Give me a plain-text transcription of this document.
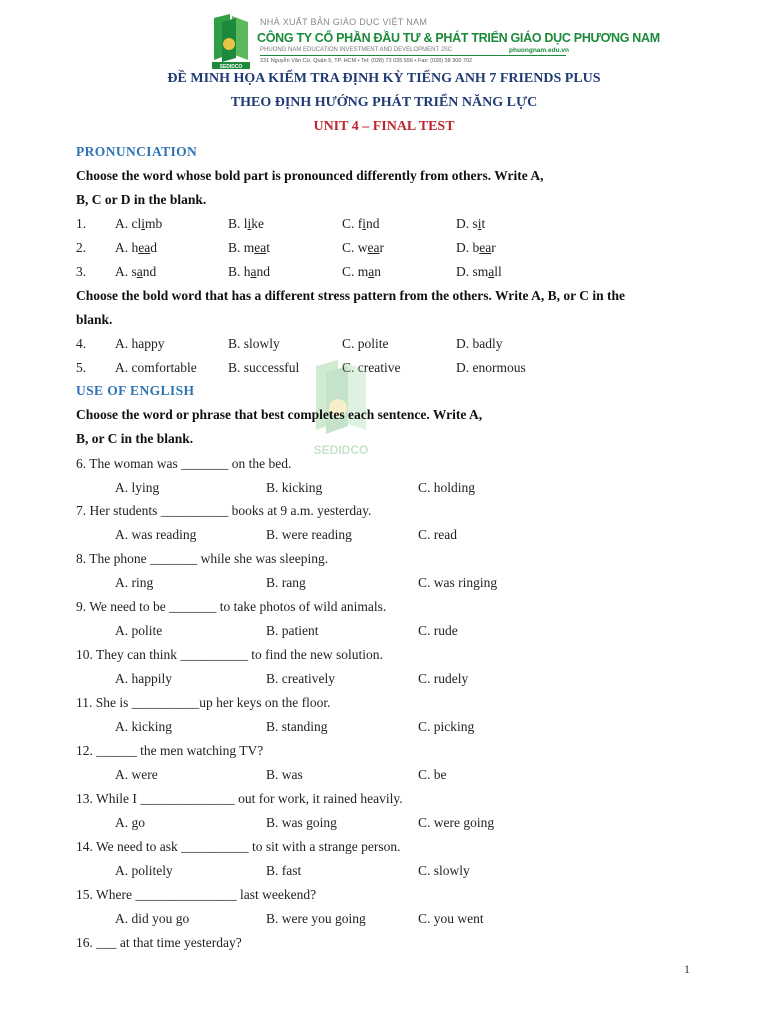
SEDIDCO
NHÀ XUẤT BẢN GIÁO DỤC VIỆT NAM
CÔNG TY CỔ PHẦN ĐẦU TƯ & PHÁT TRIỂN GIÁO DỤC PHƯƠNG NAM
PHUONG NAM EDUCATION INVESTMENT AND DEVELOPMENT JSC	phuongnam.edu.vn
231 Nguyễn Văn Cừ, Quận 5, TP. HCM • Tel: (028) 73 035 556 • Fax: (028) 38 300 702
ĐỀ MINH HỌA KIỂM TRA ĐỊNH KỲ TIẾNG ANH 7 FRIENDS PLUS
THEO ĐỊNH HƯỚNG PHÁT TRIỂN NĂNG LỰC
UNIT 4 – FINAL TEST
PRONUNCIATION
Choose the word whose bold part is pronounced differently from others. Write A,
B, C or D in the blank.
1. A. climb	B. like	C. find	D. sit
2. A. head	B. meat	C. wear	D. bear
3. A. sand	B. hand	C. man	D. small
Choose the bold word that has a different stress pattern from the others. Write A, B, or C in the
blank.
4. A. happy	B. slowly	C. polite	D. badly
5. A. comfortable B. successful	C. creative	D. enormous
SEDIDCO
USE OF ENGLISH
Choose the word or phrase that best completes each sentence. Write A,
B, or C in the blank.
6. The woman was _______ on the bed.
A. lying	B. kicking	C. holding
7. Her students __________ books at 9 a.m. yesterday.
A. was reading	B. were reading	C. read
8. The phone _______ while she was sleeping.
A. ring	B. rang	C. was ringing
9. We need to be _______ to take photos of wild animals.
A. polite	B. patient	C. rude
10. They can think __________ to find the new solution.
A. happily	B. creatively	C. rudely
11. She is __________up her keys on the floor.
A. kicking	B. standing	C. picking
12. ______ the men watching TV?
A. were	B. was	C. be
13. While I ______________ out for work, it rained heavily.
A. go	B. was going	C. were going
14. We need to ask __________ to sit with a strange person.
A. politely	B. fast	C. slowly
15. Where _______________ last weekend?
A. did you go	B. were you going	C. you went
16. ___ at that time yesterday?
1
